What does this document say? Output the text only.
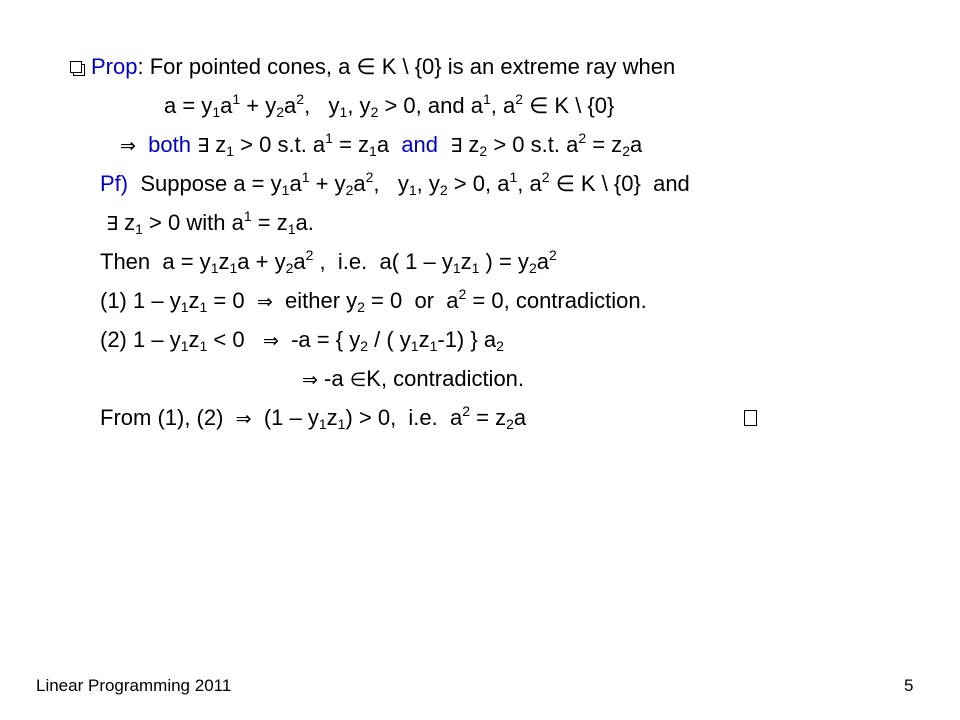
Prop: For pointed cones, a ∈ K \ {0} is an extreme ray when
$a = y_1a^1 + y_2a^2$,   $y_1$, $y_2 > 0$, and $a^1$, $a^2$ ∈ K \ {0}
⇒ both ∃ $z_1 > 0$ s.t. $a^1 = z_1a$ and ∃ $z_2 > 0$ s.t. $a^2 = z_2a$
Pf) Suppose $a = y_1a^1 + y_2a^2$,   $y_1$, $y_2 > 0$, $a^1$, $a^2$ ∈ K \ {0}  and
∃ $z_1 > 0$ with $a^1 = z_1a$.
Then  $a = y_1z_1a + y_2a^2$ ,  i.e.  a( $1 - y_1z_1$ ) = $y_2a^2$
(1) $1 - y_1z_1 = 0$  ⇒  either $y_2 = 0$  or  $a^2 = 0$, contradiction.
(2) $1 - y_1z_1 < 0$   ⇒  -a = { $y_2$ / ( $y_1z_1-1$) } $a_2$
⇒ -a ∈K, contradiction.
From (1), (2)  ⇒  $(1 - y_1z_1) > 0$,  i.e.  $a^2 = z_2a$
Linear Programming 2011	5
